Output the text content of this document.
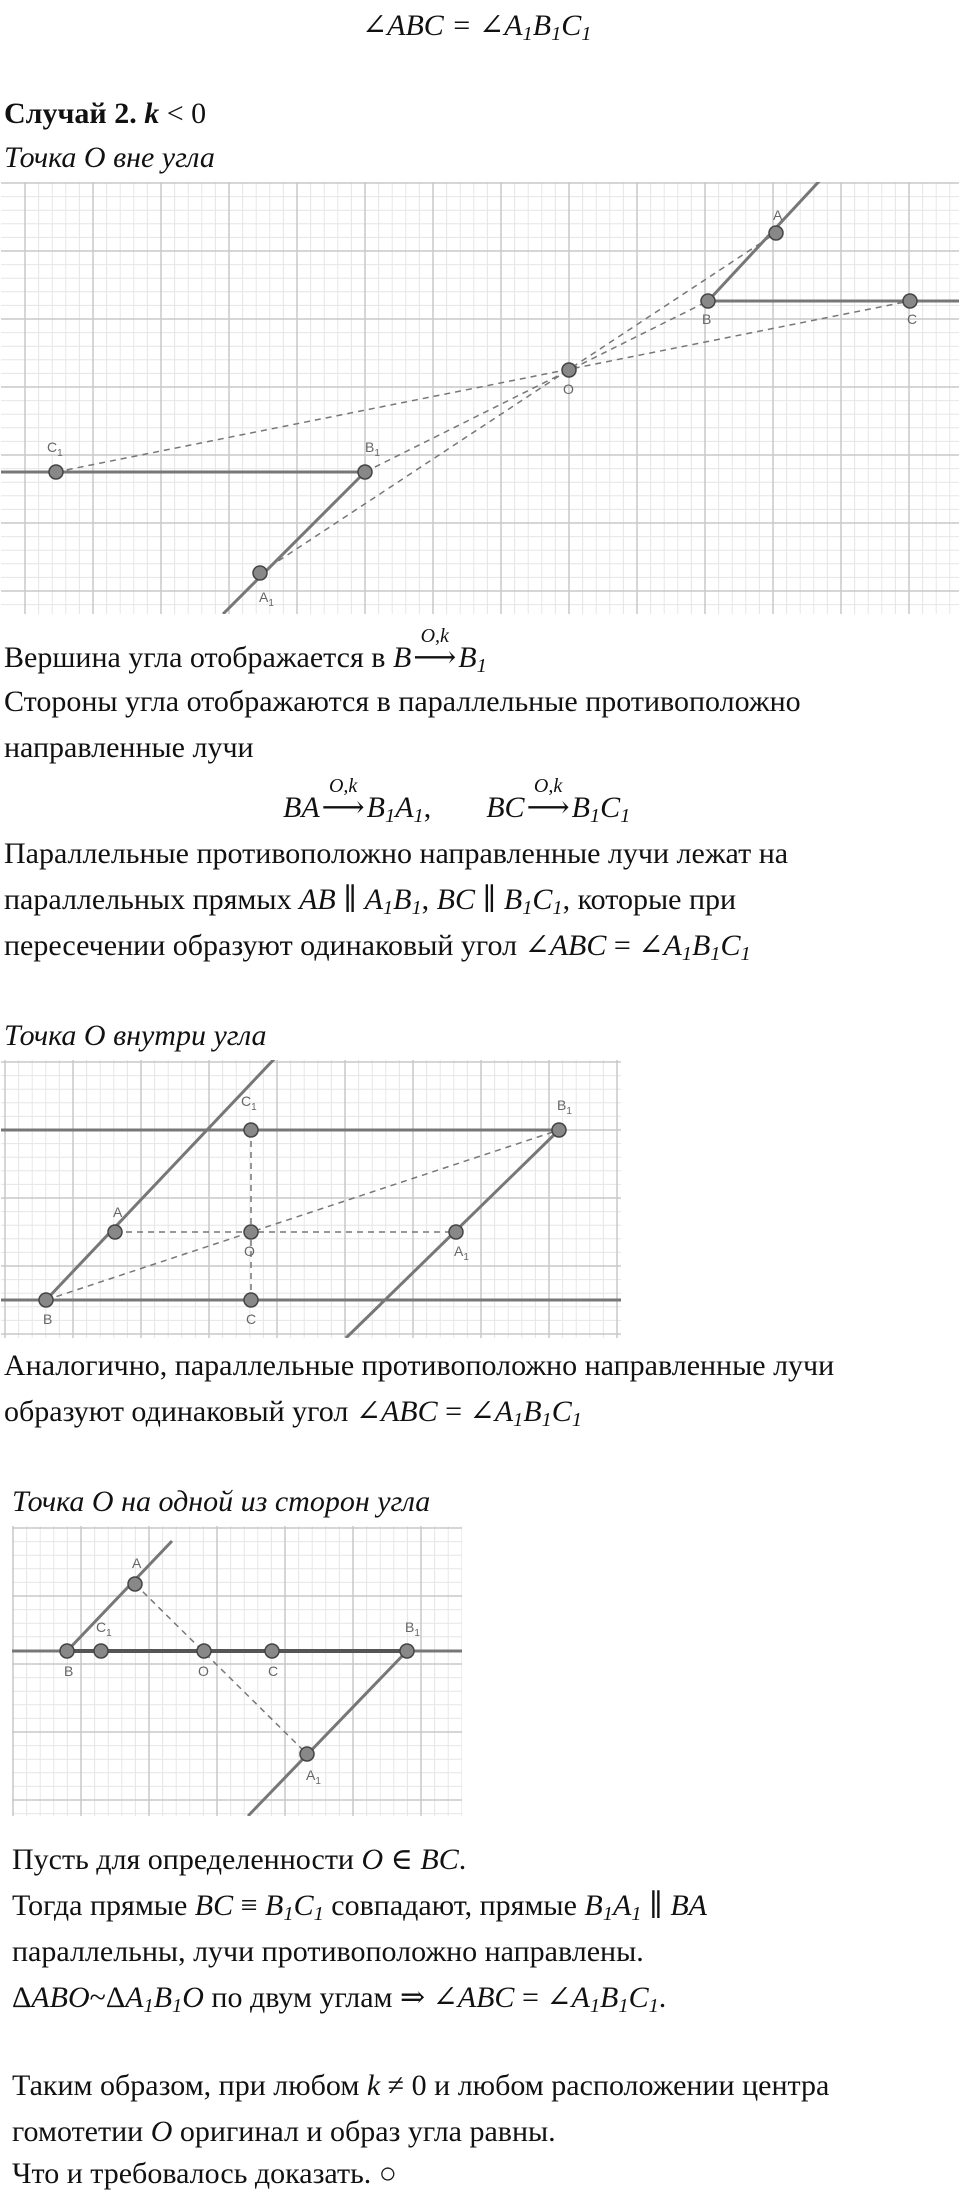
∠ABC = $\angle A_1B_1C_1$
Случай 2. k < 0
Точка O вне угла
A
B	C
O
$B_1$
$C_1$
$A_1$
Вершина угла отображается в B
O,k
$⟶B_1$
Стороны угла отображаются в параллельные противоположно
направленные лучи
BA
O,k
$⟶B_1A_1$,  BC
O,k
$⟶B_1C_1$
Параллельные противоположно направленные лучи лежат на
параллельных прямых AB ∥ $A_1B_1$, BC ∥ $B_1C_1$, которые при
пересечении образуют одинаковый угол ∠ABC = $\angle A_1B_1C_1$
Точка O внутри угла
B
A
C
O
$C_1$	$B_1$
$A_1$
Аналогично, параллельные противоположно направленные лучи
образуют одинаковый угол ∠ABC = $\angle A_1B_1C_1$
Точка O на одной из сторон угла
A
B
$C_1$
O	C
$B_1$
$A_1$
Пусть для определенности O ∈ BC.
Тогда прямые BC ≡ $B_1C_1$ совпадают, прямые $B_1A_1$ ∥ BA
параллельны, лучи противоположно направлены.
$\Delta ABO\sim\Delta A_1B_1O$ по двум углам ⇒ ∠ABC = $\angle A_1B_1C_1$.
Таким образом, при любом k ≠ 0 и любом расположении центра
гомотетии O оригинал и образ угла равны.
Что и требовалось доказать. ○
